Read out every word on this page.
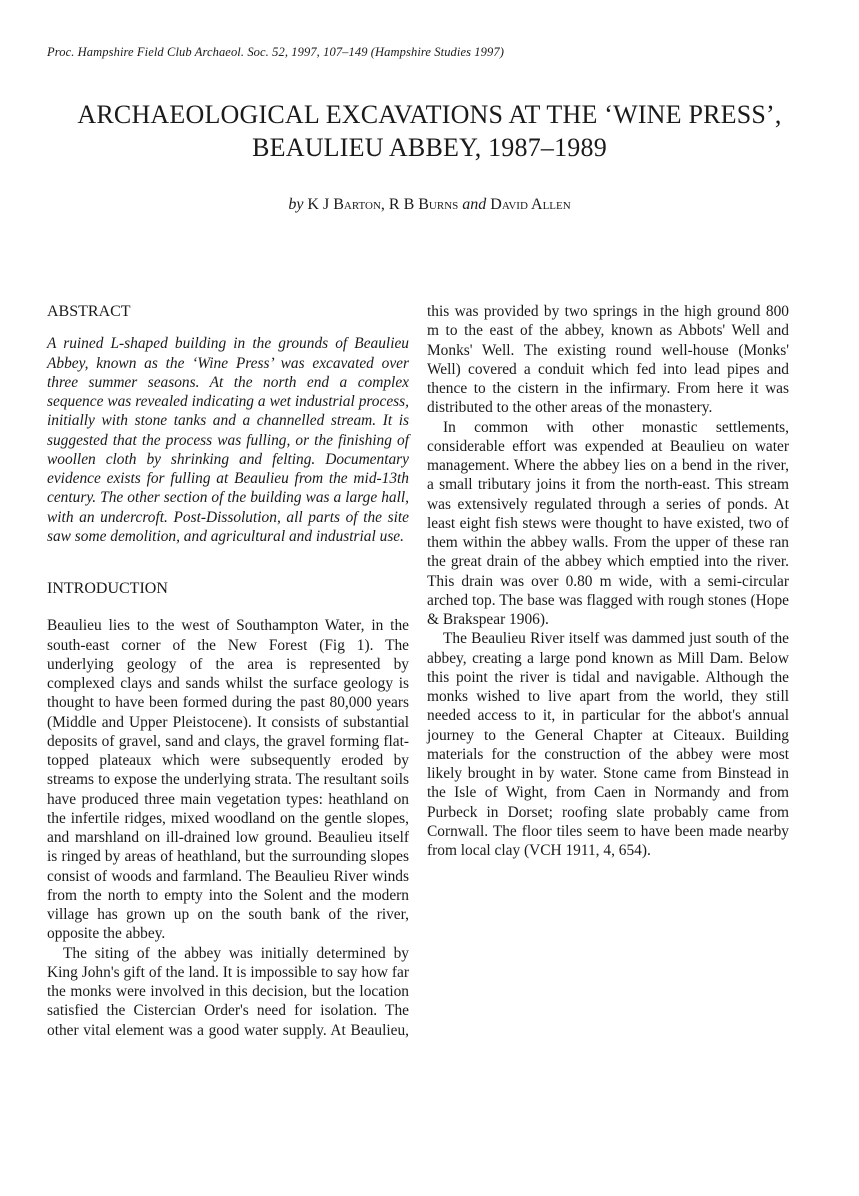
Proc. Hampshire Field Club Archaeol. Soc. 52, 1997, 107–149 (Hampshire Studies 1997)
ARCHAEOLOGICAL EXCAVATIONS AT THE ‘WINE PRESS’,
BEAULIEU ABBEY, 1987–1989
by K J Barton, R B Burns and David Allen
ABSTRACT

A ruined L-shaped building in the grounds of Beaulieu Abbey, known as the ‘Wine Press’ was excavated over three summer seasons. At the north end a complex sequence was revealed indicating a wet industrial process, initially with stone tanks and a channelled stream. It is suggested that the process was fulling, or the finishing of woollen cloth by shrinking and felting. Documentary evidence exists for fulling at Beaulieu from the mid-13th century. The other section of the building was a large hall, with an undercroft. Post-Dissolution, all parts of the site saw some demolition, and agricultural and industrial use.

INTRODUCTION

Beaulieu lies to the west of Southampton Water, in the south-east corner of the New Forest (Fig 1). The underlying geology of the area is represented by complexed clays and sands whilst the surface geology is thought to have been formed during the past 80,000 years (Middle and Upper Pleistocene). It consists of substantial deposits of gravel, sand and clays, the gravel forming flat-topped plateaux which were subsequently eroded by streams to expose the underlying strata. The resultant soils have produced three main vegetation types: heathland on the infertile ridges, mixed woodland on the gentle slopes, and marshland on ill-drained low ground. Beaulieu itself is ringed by areas of heathland, but the surrounding slopes consist of woods and farmland. The Beaulieu River winds from the north to empty into the Solent and the modern village has grown up on the south bank of the river, opposite the abbey.

The siting of the abbey was initially determined by King John's gift of the land. It is impossible to say how far the monks were involved in this decision, but the location satisfied the Cistercian Order's need for isolation. The other vital element was a good water supply. At Beaulieu, this was provided by two springs in the high ground 800 m to the east of the abbey, known as Abbots' Well and Monks' Well. The existing round well-house (Monks' Well) covered a conduit which fed into lead pipes and thence to the cistern in the infirmary. From here it was distributed to the other areas of the monastery.

In common with other monastic settlements, considerable effort was expended at Beaulieu on water management. Where the abbey lies on a bend in the river, a small tributary joins it from the north-east. This stream was extensively regulated through a series of ponds. At least eight fish stews were thought to have existed, two of them within the abbey walls. From the upper of these ran the great drain of the abbey which emptied into the river. This drain was over 0.80 m wide, with a semi-circular arched top. The base was flagged with rough stones (Hope & Brakspear 1906).

The Beaulieu River itself was dammed just south of the abbey, creating a large pond known as Mill Dam. Below this point the river is tidal and navigable. Although the monks wished to live apart from the world, they still needed access to it, in particular for the abbot's annual journey to the General Chapter at Citeaux. Building materials for the construction of the abbey were most likely brought in by water. Stone came from Binstead in the Isle of Wight, from Caen in Normandy and from Purbeck in Dorset; roofing slate probably came from Cornwall. The floor tiles seem to have been made nearby from local clay (VCH 1911, 4, 654).
